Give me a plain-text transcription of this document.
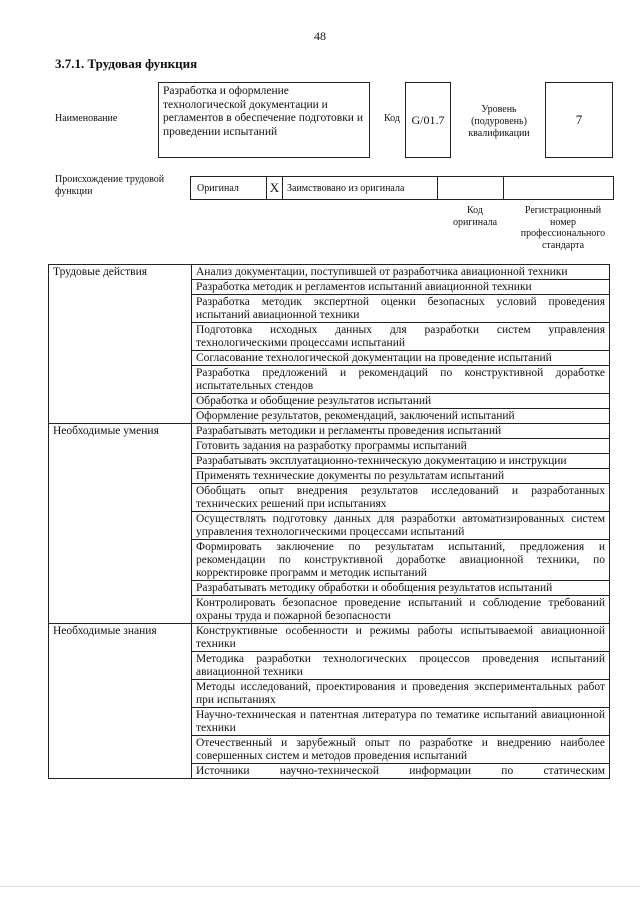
48
3.7.1. Трудовая функция
Наименование
Разработка и оформление технологической документации и регламентов в обеспечение подготовки и проведении испытаний
Код G/01.7
Уровень (подуровень) квалификации
7
Происхождение трудовой функции	Оригинал X Заимствовано из оригинала
Код оригинала
Регистрационный номер профессионального стандарта
Трудовые действия	Анализ документации, поступившей от разработчика авиационной техники
	Разработка методик и регламентов испытаний авиационной техники
	Разработка методик экспертной оценки безопасных условий проведения испытаний авиационной техники
	Подготовка исходных данных для разработки систем управления технологическими процессами испытаний
	Согласование технологической документации на проведение испытаний
	Разработка предложений и рекомендаций по конструктивной доработке испытательных стендов
	Обработка и обобщение результатов испытаний
	Оформление результатов, рекомендаций, заключений испытаний
Необходимые умения	Разрабатывать методики и регламенты проведения испытаний
	Готовить задания на разработку программы испытаний
	Разрабатывать эксплуатационно-техническую документацию и инструкции
	Применять технические документы по результатам испытаний
	Обобщать опыт внедрения результатов исследований и разработанных технических решений при испытаниях
	Осуществлять подготовку данных для разработки автоматизированных систем управления технологическими процессами испытаний
	Формировать заключение по результатам испытаний, предложения и рекомендации по конструктивной доработке авиационной техники, по корректировке программ и методик испытаний
	Разрабатывать методику обработки и обобщения результатов испытаний
	Контролировать безопасное проведение испытаний и соблюдение требований охраны труда и пожарной безопасности
Необходимые знания	Конструктивные особенности и режимы работы испытываемой авиационной техники
	Методика разработки технологических процессов проведения испытаний авиационной техники
	Методы исследований, проектирования и проведения экспериментальных работ при испытаниях
	Научно-техническая и патентная литература по тематике испытаний авиационной техники
	Отечественный и зарубежный опыт по разработке и внедрению наиболее совершенных систем и методов проведения испытаний
	Источники научно-технической информации по статическим
